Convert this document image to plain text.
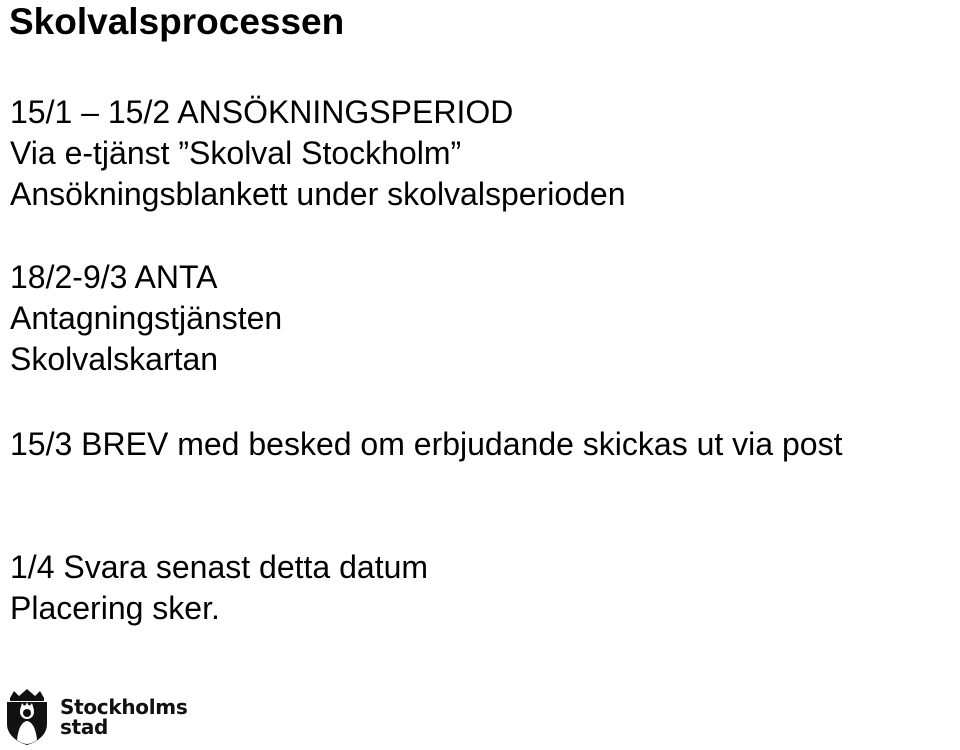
Skolvalsprocessen
15/1 – 15/2 ANSÖKNINGSPERIOD
Via e-tjänst ”Skolval Stockholm”
Ansökningsblankett under skolvalsperioden
18/2-9/3 ANTA
Antagningstjänsten
Skolvalskartan
15/3 BREV med besked om erbjudande skickas ut via post
1/4 Svara senast detta datum
Placering sker.
Stockholms
stad
